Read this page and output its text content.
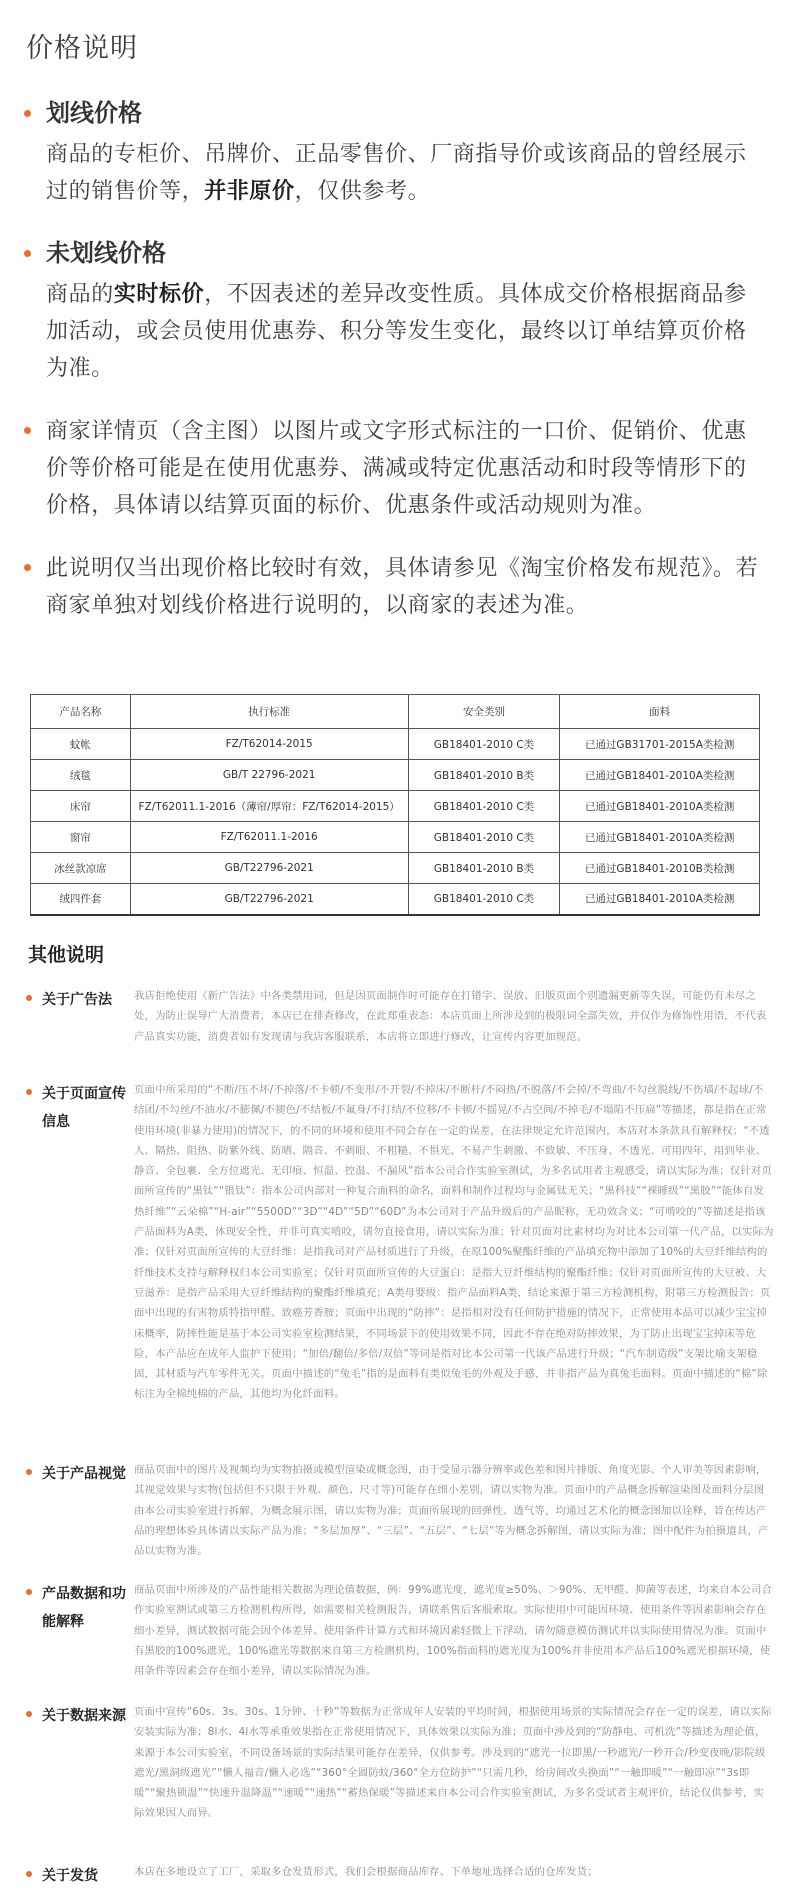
价格说明
划线价格
商品的专柜价、吊牌价、正品零售价、厂商指导价或该商品的曾经展示过的销售价等，并非原价，仅供参考。
未划线价格
商品的实时标价，不因表述的差异改变性质。具体成交价格根据商品参加活动，或会员使用优惠券、积分等发生变化，最终以订单结算页价格为准。
商家详情页（含主图）以图片或文字形式标注的一口价、促销价、优惠价等价格可能是在使用优惠券、满减或特定优惠活动和时段等情形下的价格，具体请以结算页面的标价、优惠条件或活动规则为准。
此说明仅当出现价格比较时有效，具体请参见《淘宝价格发布规范》。若商家单独对划线价格进行说明的，以商家的表述为准。
产品名称	执行标准	安全类别	面料
蚊帐	FZ/T62014-2015	GB18401-2010 C类	已通过GB31701-2015A类检测
绒毯	GB/T 22796-2021	GB18401-2010 B类	已通过GB18401-2010A类检测
床帘	FZ/T62011.1-2016（薄帘/厚帘：FZ/T62014-2015）	GB18401-2010 C类	已通过GB18401-2010A类检测
窗帘	FZ/T62011.1-2016	GB18401-2010 C类	已通过GB18401-2010A类检测
冰丝款凉席	GB/T22796-2021	GB18401-2010 B类	已通过GB18401-2010B类检测
绒四件套	GB/T22796-2021	GB18401-2010 C类	已通过GB18401-2010A类检测
其他说明
关于广告法	我店拒绝使用《新广告法》中各类禁用词，但是因页面制作时可能存在打错字、误放、旧版页面个别遗漏更新等失误，可能仍有未尽之处，为防止误导广大消费者，本店已在排查修改，在此郑重表态：本店页面上所涉及到的极限词全部失效，并仅作为修饰性用语，不代表产品真实功能，消费者如有发现请与我店客服联系，本店将立即进行修改，让宣传内容更加规范。
关于页面宣传信息
页面中所采用的“不断/压不坏/不掉落/不卡顿/不变形/不开裂/不掉床/不断杆/不闷热/不脱落/不会掉/不弯曲/不勾丝脱线/不伤墙/不起球/不结团/不勾丝/不油水/不膨佩/不褪色/不结板/不氟身/不打结/不位移/不卡顿/不摇晃/不占空间/不掉毛/不塌陷不压扁”等描述，都是指在正常使用环境(非暴力使用)的情况下，的不同的环境和使用不同会存在一定的误差，在法律规定允许范围内，本店对本条款具有解释权；“不透人、隔热、阻热、防紫外线、防晒、隔音、不刺眼、不粗糙、不惧光、不易产生刺激、不致敏、不压身、不透光、可用四年，用到毕业、静音、全包裹、全方位遮光、无印痕、恒温、控温、不漏风”指本公司合作实验室测试，为多名试用者主观感受，请以实际为准；仅针对页面所宣传的“黑钛”“银钛”：指本公司内部对一种复合面料的命名，面料和制作过程均与金属钛无关；“黑科技”“裸睡级”“黑胶”“能体自发热纤维”“云朵棉”“H-air”“5500D”“3D”“4D”“5D”“60D”为本公司对于产品升级后的产品昵称，无功效含义；“可啃咬的”等描述是指该产品面料为A类，体现安全性，并非可真实啃咬，请勿直接食用，请以实际为准；针对页面对比素材均为对比本公司第一代产品，以实际为准；仅针对页面所宣传的大豆纤维：是指我司对产品材质进行了升级，在原100%聚酯纤维的产品填充物中添加了10%的大豆纤维结构的纤维技术支持与解释权归本公司实验室；仅针对页面所宣传的大豆蛋白：是指大豆纤维结构的聚酯纤维；仅针对页面所宣传的大豆被、大豆滋养：是指产品采用大豆纤维结构的聚酯纤维填充；A类母婴级：指产品面料A类，结论来源于第三方检测机构，附第三方检测报告；页面中出现的有害物质特指甲醛、致癌芳香胺；页面中出现的“防摔”：是指相对没有任何防护措施的情况下，正常使用本品可以减少宝宝掉床概率，防摔性能是基于本公司实验室检测结果，不同场景下的使用效果不同，因此不存在绝对防摔效果，为了防止出现宝宝掉床等危险，本产品应在成年人监护下使用；“加倍/翻倍/多倍/双倍”等词是指对比本公司第一代该产品进行升级；“汽车制造级”支架比喻支架稳固，其材质与汽车零件无关。页面中描述的“兔毛”指的是面料有类似兔毛的外观及手感，并非指产品为真兔毛面料。页面中描述的“棉”除标注为全棉纯棉的产品，其他均为化纤面料。
关于产品视觉 商品页面中的图片及视频均为实物拍摄或模型渲染或概念图，由于受显示器分辨率或色差和图片排版、角度光影、个人审美等因素影响，其视觉效果与实物(包括但不只限于外观、颜色、尺寸等)可能存在细小差别，请以实物为准。页面中的产品概念拆解渲染图及面料分层图由本公司实验室进行拆解，为概念展示图，请以实物为准；页面所展现的回弹性、透气等，均通过艺术化的概念图加以诠释，旨在传达产品的理想体验具体请以实际产品为准；“多层加厚”、“三层”、“五层”、“七层”等为概念拆解图，请以实际为准；图中配件为拍摄道具，产品以实物为准。
产品数据和功能解释
商品页面中所涉及的产品性能相关数据为理论值数据，例：99%遮光度，遮光度≥50%、＞90%、无甲醛、抑菌等表述，均来自本公司合作实验室测试或第三方检测机构所得，如需要相关检测报告，请联系售后客服索取。实际使用中可能因环境、使用条件等因素影响会存在细小差异，测试数据可能会因个体差异、使用条件计算方式和环境因素轻微上下浮动，请勿随意模仿测试并以实际使用情况为准。页面中有黑胶的100%遮光，100%遮光等数据来自第三方检测机构，100%指面料的遮光度为100%并非使用本产品后100%遮光根据环境，使用条件等因素会存在细小差异，请以实际情况为准。
关于数据来源 页面中宣传“60s、3s、30s、1分钟、十秒”等数据为正常成年人安装的平均时间，根据使用场景的实际情况会存在一定的误差，请以实际安装实际为准；8l水、4l水等承重效果指在正常使用情况下，具体效果以实际为准；页面中涉及到的“防静电、可机洗”等描述为理论值，来源于本公司实验室，不同设备场景的实际结果可能存在差异，仅供参考。涉及到的“遮光一拉即黑/一秒遮光/一秒开合/秒变夜晚/影院级遮光/黑洞级遮光”“懒人福音/懒人必选”“360°全圆防蚊/360°全方位防护”“只需几秒，给房间改头换面”“一触即暖”“一触即凉”“3s即暖”“聚热锁温”“快速升温降温”“速暖”“速热”“蓄热保暖”等描述来自本公司合作实验室测试，为多名受试者主观评价，结论仅供参考，实际效果因人而异。
关于发货	本店在多地设立了工厂，采取多仓发货形式，我们会根据商品库存、下单地址选择合适的仓库发货；
